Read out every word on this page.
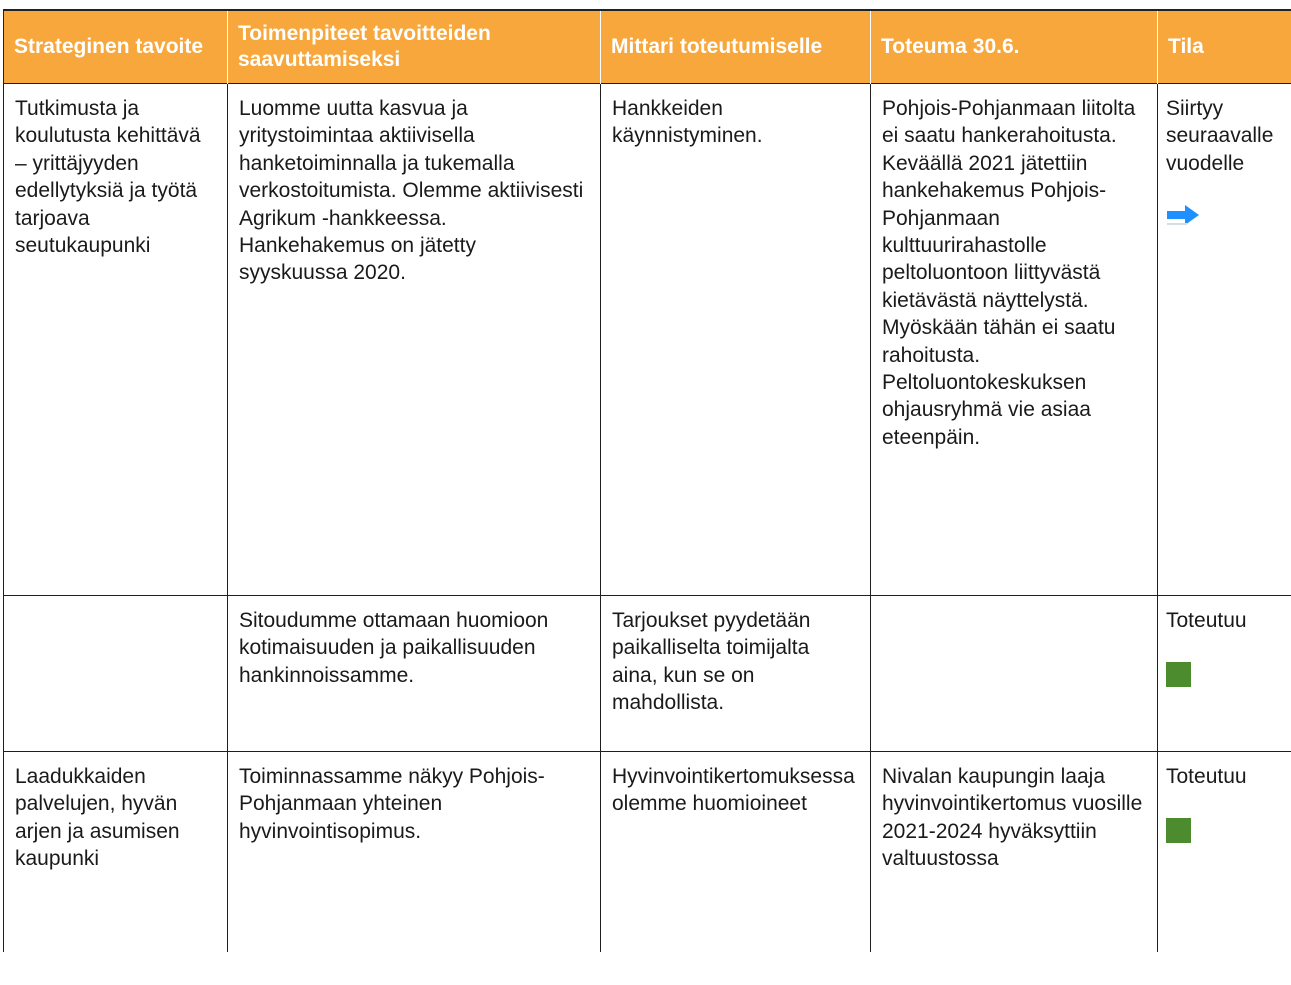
Strateginen tavoite	Toimenpiteet tavoitteiden saavuttamiseksi	Mittari toteutumiselle	Toteuma 30.6.	Tila
Tutkimusta ja koulutusta kehittävä – yrittäjyyden edellytyksiä ja työtä tarjoava seutukaupunki	Luomme uutta kasvua ja yritystoimintaa aktiivisella hanketoiminnalla ja tukemalla verkostoitumista. Olemme aktiivisesti Agrikum -hankkeessa. Hankehakemus on jätetty syyskuussa 2020.	Hankkeiden käynnistyminen.	Pohjois-Pohjanmaan liitolta ei saatu hankerahoitusta. Keväällä 2021 jätettiin hankehakemus Pohjois-Pohjanmaan kulttuurirahastolle peltoluontoon liittyvästä kietävästä näyttelystä. Myöskään tähän ei saatu rahoitusta. Peltoluontokeskuksen ohjausryhmä vie asiaa eteenpäin.	Siirtyy seuraavalle vuodelle

	Sitoudumme ottamaan huomioon kotimaisuuden ja paikallisuuden hankinnoissamme.	Tarjoukset pyydetään paikalliselta toimijalta aina, kun se on mahdollista.		Toteutuu

Laadukkaiden palvelujen, hyvän arjen ja asumisen kaupunki	Toiminnassamme näkyy Pohjois-Pohjanmaan yhteinen hyvinvointisopimus.	Hyvinvointikertomuksessa olemme huomioineet	Nivalan kaupungin laaja hyvinvointikertomus vuosille 2021-2024 hyväksyttiin valtuustossa	Toteutuu
